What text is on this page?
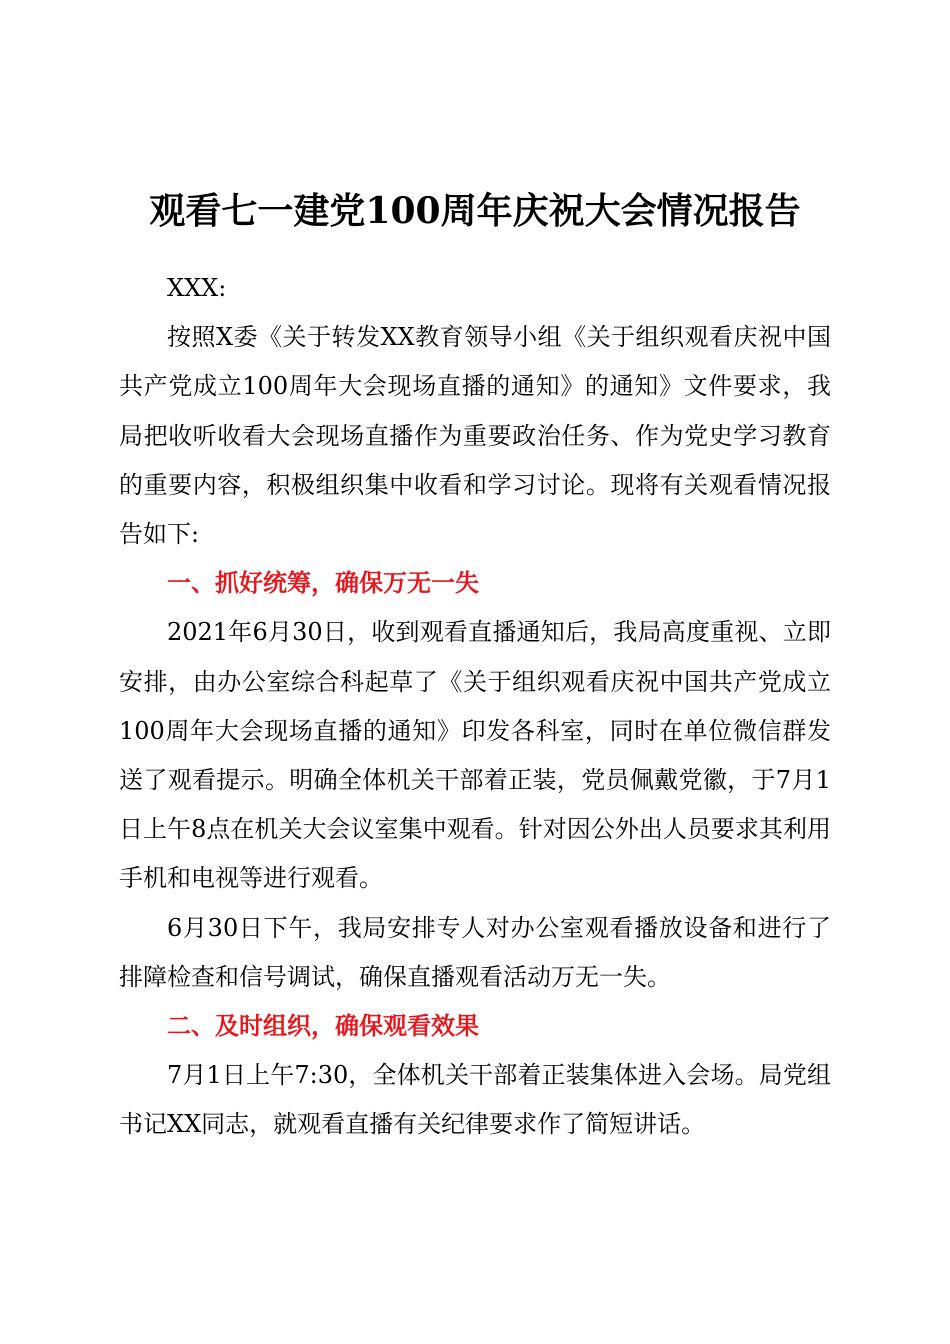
观看七一建党100周年庆祝大会情况报告

XXX:

按照X委《关于转发XX教育领导小组《关于组织观看庆祝中国共产党成立100周年大会现场直播的通知》的通知》文件要求，我局把收听收看大会现场直播作为重要政治任务、作为党史学习教育的重要内容，积极组织集中收看和学习讨论。现将有关观看情况报告如下:

一、抓好统筹，确保万无一失

2021年6月30日，收到观看直播通知后，我局高度重视、立即安排，由办公室综合科起草了《关于组织观看庆祝中国共产党成立100周年大会现场直播的通知》印发各科室，同时在单位微信群发送了观看提示。明确全体机关干部着正装，党员佩戴党徽，于7月1日上午8点在机关大会议室集中观看。针对因公外出人员要求其利用手机和电视等进行观看。

6月30日下午，我局安排专人对办公室观看播放设备和进行了排障检查和信号调试，确保直播观看活动万无一失。

二、及时组织，确保观看效果

7月1日上午7:30，全体机关干部着正装集体进入会场。局党组书记XX同志，就观看直播有关纪律要求作了简短讲话。
